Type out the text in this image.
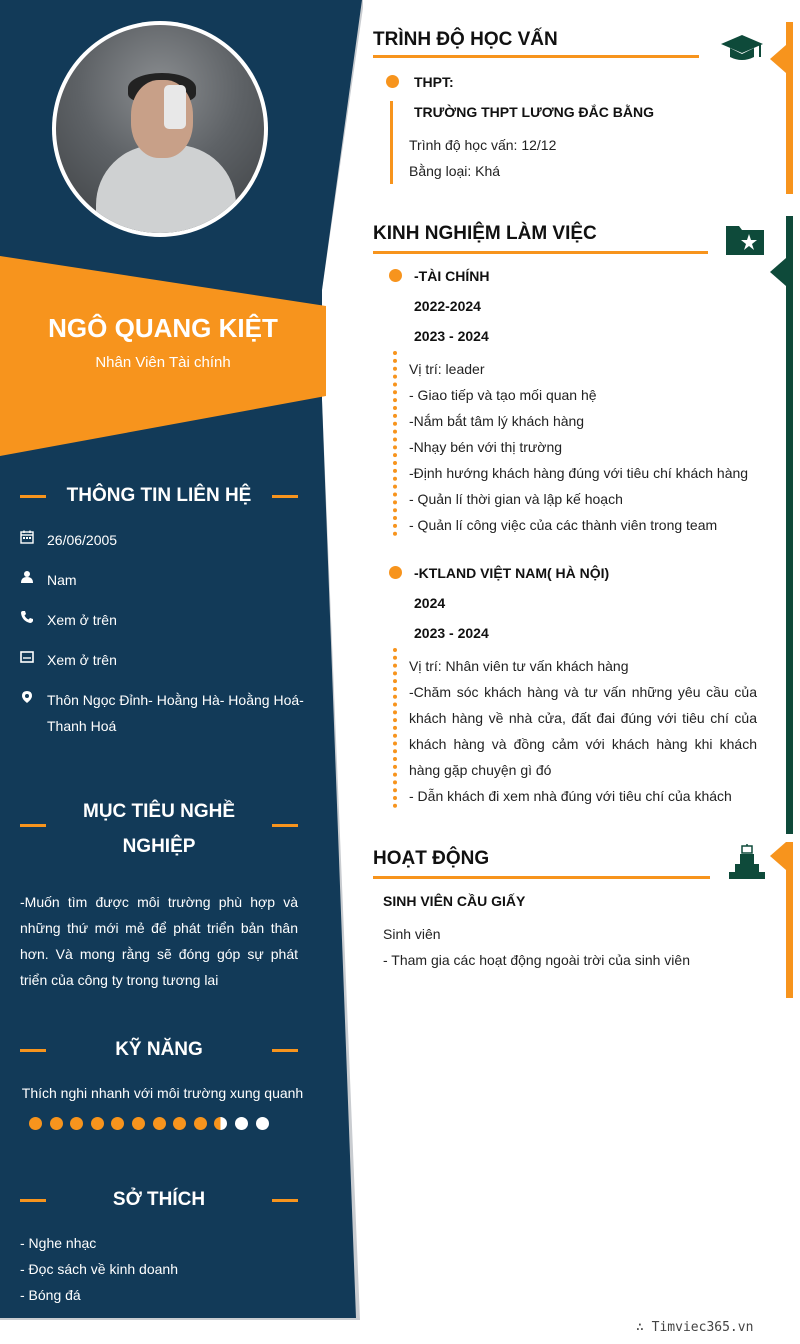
NGÔ QUANG KIỆT
Nhân Viên Tài chính
THÔNG TIN LIÊN HỆ
26/06/2005
Nam
Xem ở trên
Xem ở trên
Thôn Ngọc Đỉnh- Hoằng Hà- Hoằng Hoá- Thanh Hoá
MỤC TIÊU NGHỀ
NGHIỆP
-Muốn tìm được môi trường phù hợp và những thứ mới mẻ để phát triển bản thân hơn. Và mong rằng sẽ đóng góp sự phát triển của công ty trong tương lai
KỸ NĂNG
Thích nghi nhanh với môi trường xung quanh
SỞ THÍCH
- Nghe nhạc
- Đọc sách về kinh doanh
- Bóng đá
TRÌNH ĐỘ HỌC VẤN
THPT:
TRƯỜNG THPT LƯƠNG ĐẮC BẰNG
Trình độ học vấn: 12/12
Bằng loại: Khá
KINH NGHIỆM LÀM VIỆC
-TÀI CHÍNH
2022-2024
2023 - 2024
Vị trí: leader
- Giao tiếp và tạo mối quan hệ
-Nắm bắt tâm lý khách hàng
-Nhạy bén với thị trường
-Định hướng khách hàng đúng với tiêu chí khách hàng
- Quản lí thời gian và lập kế hoạch
- Quản lí công việc của các thành viên trong team
-KTLAND VIỆT NAM( HÀ NỘI)
2024
2023 - 2024
Vị trí: Nhân viên tư vấn khách hàng
-Chăm sóc khách hàng và tư vấn những yêu cầu của khách hàng về nhà cửa, đất đai đúng với tiêu chí của khách hàng và đồng cảm với khách hàng khi khách hàng gặp chuyện gì đó
- Dẫn khách đi xem nhà đúng với tiêu chí của khách
HOẠT ĐỘNG
SINH VIÊN CẦU GIẤY
Sinh viên
- Tham gia các hoạt động ngoài trời của sinh viên
∴ Timviec365.vn
